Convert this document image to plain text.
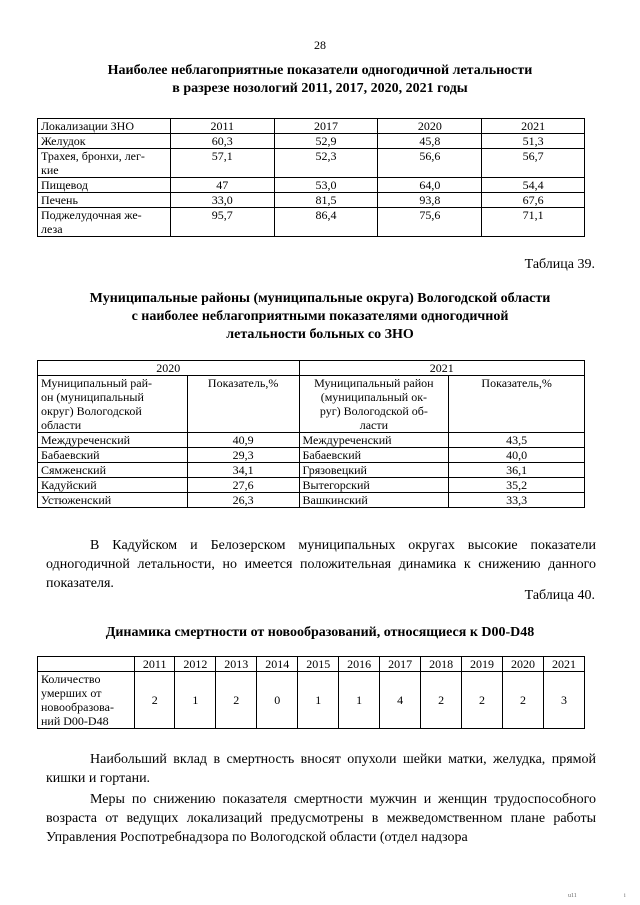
28
Наиболее неблагоприятные показатели одногодичной летальности
в разрезе нозологий 2011, 2017, 2020, 2021 годы
Локализации ЗНО	2011	2017	2020	2021
Желудок	60,3	52,9	45,8	51,3
Трахея, бронхи, лег-
кие	57,1	52,3	56,6	56,7
Пищевод	47	53,0	64,0	54,4
Печень	33,0	81,5	93,8	67,6
Поджелудочная же-
леза	95,7	86,4	75,6	71,1
Таблица 39.
Муниципальные районы (муниципальные округа) Вологодской области
с наиболее неблагоприятными показателями одногодичной
летальности больных со ЗНО
2020		2021	
Муниципальный рай-
он (муниципальный
округ) Вологодской
области	Показатель,%	Муниципальный район
(муниципальный ок-
руг) Вологодской об-
ласти	Показатель,%
Междуреченский	40,9	Междуреченский	43,5
Бабаевский	29,3	Бабаевский	40,0
Сямженский	34,1	Грязовецкий	36,1
Кадуйский	27,6	Вытегорский	35,2
Устюженский	26,3	Вашкинский	33,3

В Кадуйском и Белозерском муниципальных округах высокие показатели одногодичной летальности, но имеется положительная динамика к снижению данного показателя.

Таблица 40.
Динамика смертности от новообразований, относящиеся к D00-D48
	2011	2012	2013	2014	2015	2016	2017	2018	2019	2020	2021
Количество
умерших от
новообразова-
ний D00-D48	2	1	2	0	1	1	4	2	2	2	3

Наибольший вклад в смертность вносят опухоли шейки матки, желудка, прямой кишки и гортани.

Меры по снижению показателя смертности мужчин и женщин трудоспособного возраста от ведущих локализаций предусмотрены в межведомственном плане работы Управления Роспотребнадзора по Вологодской области (отдел надзора

u11	i
